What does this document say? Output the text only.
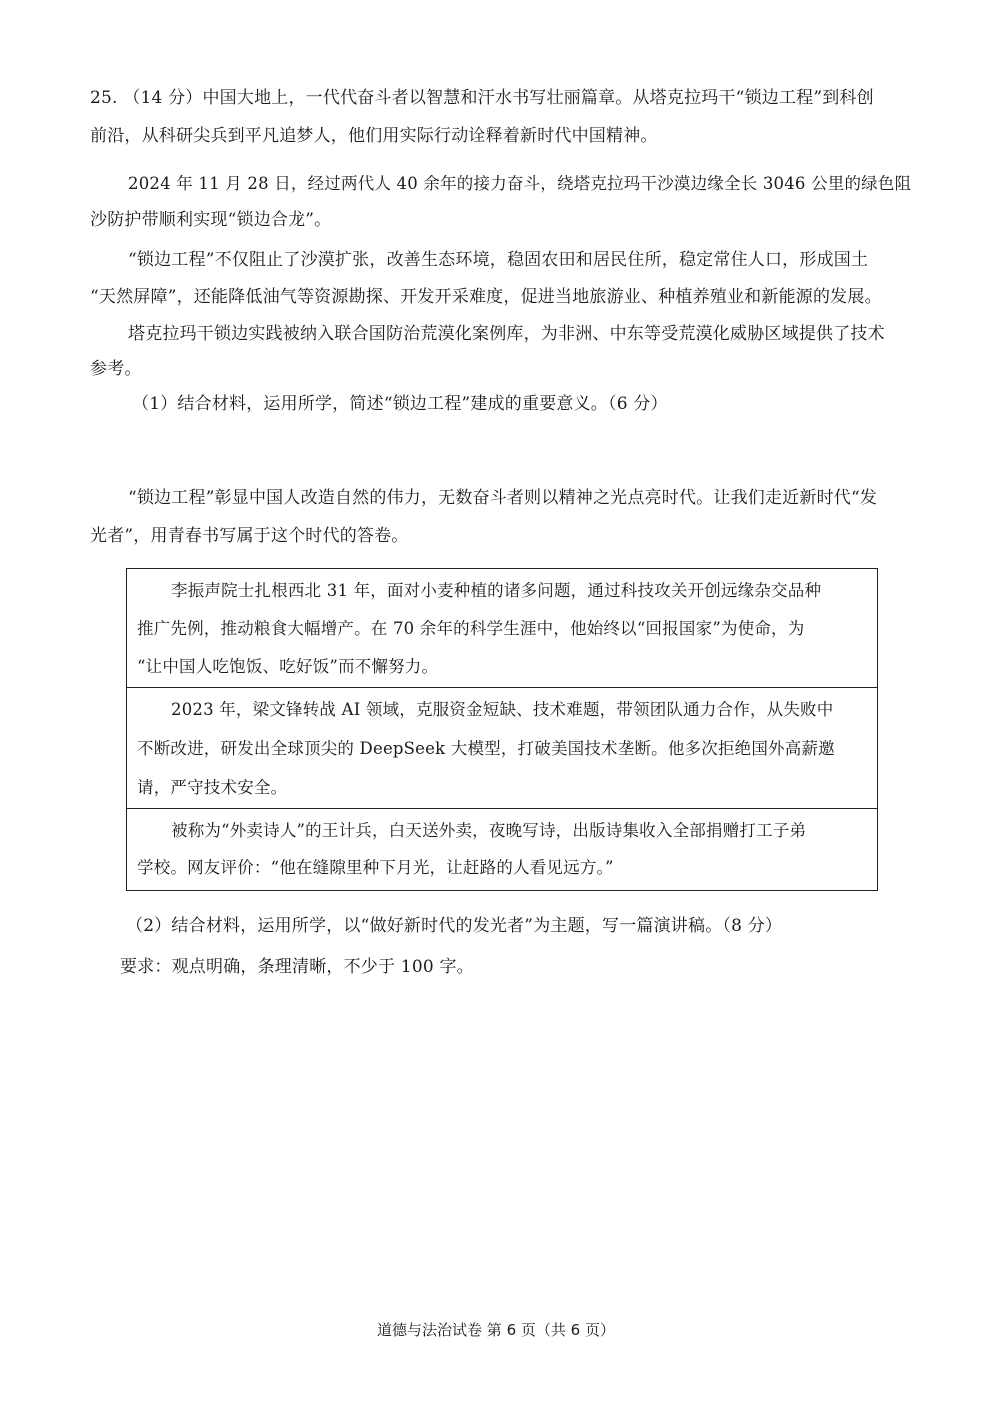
25. （14 分）中国大地上，一代代奋斗者以智慧和汗水书写壮丽篇章。从塔克拉玛干“锁边工程”到科创
前沿，从科研尖兵到平凡追梦人，他们用实际行动诠释着新时代中国精神。
2024 年 11 月 28 日，经过两代人 40 余年的接力奋斗，绕塔克拉玛干沙漠边缘全长 3046 公里的绿色阻
沙防护带顺利实现“锁边合龙”。
“锁边工程”不仅阻止了沙漠扩张，改善生态环境，稳固农田和居民住所，稳定常住人口，形成国土
“天然屏障”，还能降低油气等资源勘探、开发开采难度，促进当地旅游业、种植养殖业和新能源的发展。
塔克拉玛干锁边实践被纳入联合国防治荒漠化案例库，为非洲、中东等受荒漠化威胁区域提供了技术
参考。
（1）结合材料，运用所学，简述“锁边工程”建成的重要意义。（6 分）
“锁边工程”彰显中国人改造自然的伟力，无数奋斗者则以精神之光点亮时代。让我们走近新时代“发
光者”，用青春书写属于这个时代的答卷。
李振声院士扎根西北 31 年，面对小麦种植的诸多问题，通过科技攻关开创远缘杂交品种
推广先例，推动粮食大幅增产。在 70 余年的科学生涯中，他始终以“回报国家”为使命，为
“让中国人吃饱饭、吃好饭”而不懈努力。
2023 年，梁文锋转战 AI 领域，克服资金短缺、技术难题，带领团队通力合作，从失败中
不断改进，研发出全球顶尖的 DeepSeek 大模型，打破美国技术垄断。他多次拒绝国外高薪邀
请，严守技术安全。
被称为“外卖诗人”的王计兵，白天送外卖，夜晚写诗，出版诗集收入全部捐赠打工子弟
学校。网友评价：“他在缝隙里种下月光，让赶路的人看见远方。”
（2）结合材料，运用所学，以“做好新时代的发光者”为主题，写一篇演讲稿。（8 分）
要求：观点明确，条理清晰，不少于 100 字。
道德与法治试卷 第 6 页（共 6 页）
